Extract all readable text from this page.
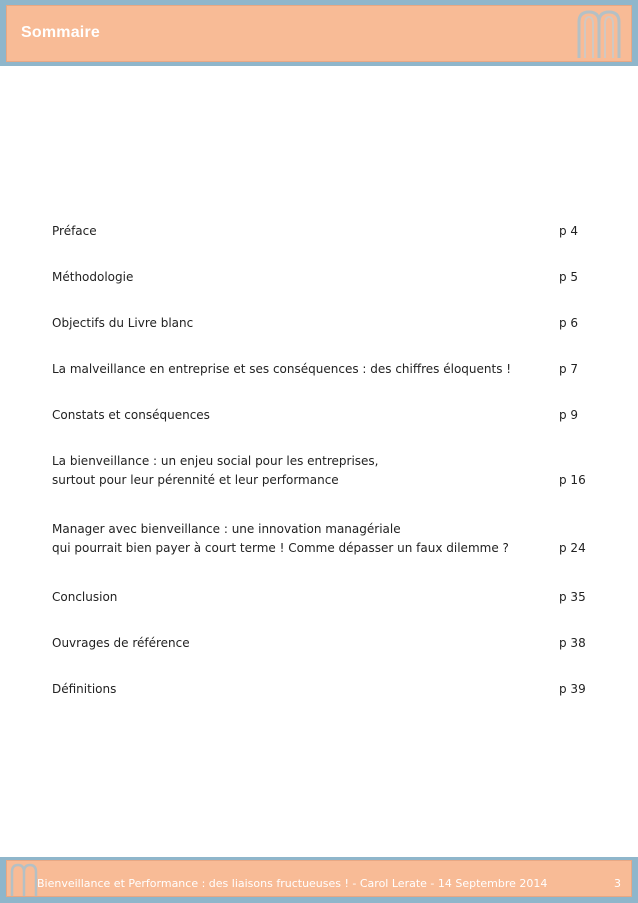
Sommaire
Préface	p 4
Méthodologie	p 5
Objectifs du Livre blanc	p 6
La malveillance en entreprise et ses conséquences : des chiffres éloquents !	p 7
Constats et conséquences	p 9
La bienveillance : un enjeu social pour les entreprises,
surtout pour leur pérennité et leur performance	p 16
Manager avec bienveillance : une innovation managériale
qui pourrait bien payer à court terme ! Comme dépasser un faux dilemme ?	p 24
Conclusion	p 35
Ouvrages de référence	p 38
Définitions	p 39
Bienveillance et Performance : des liaisons fructueuses ! - Carol Lerate - 14 Septembre 2014	3
